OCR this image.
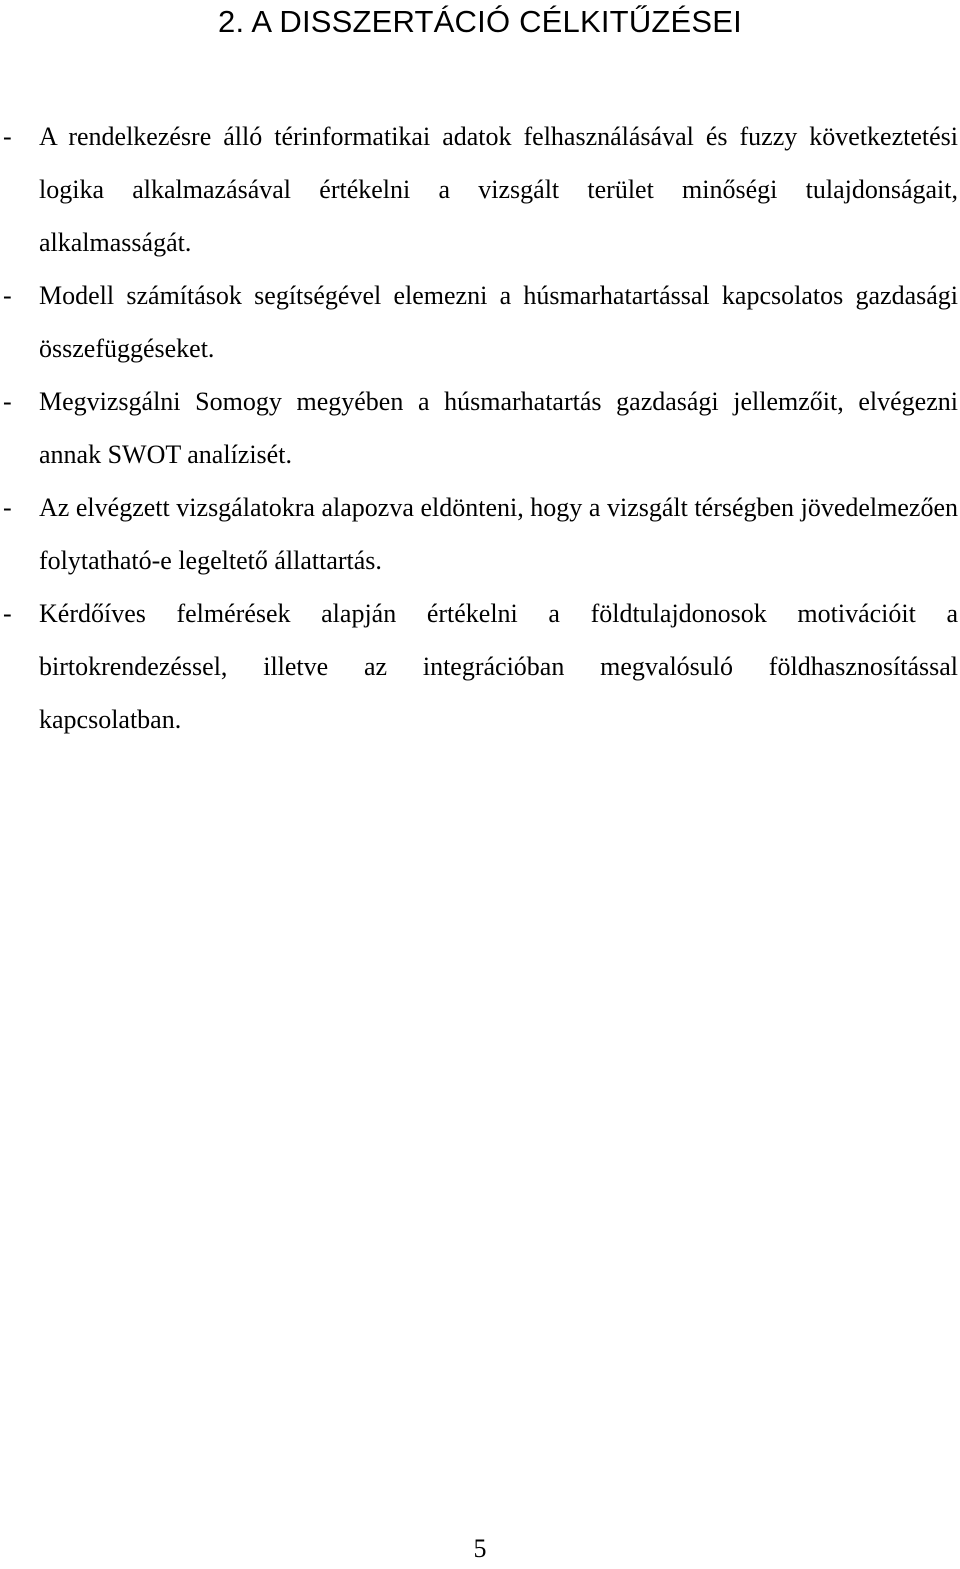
2. A DISSZERTÁCIÓ CÉLKITŰZÉSEI
- A rendelkezésre álló térinformatikai adatok felhasználásával és fuzzy következtetési logika alkalmazásával értékelni a vizsgált terület minőségi tulajdonságait, alkalmasságát.
- Modell számítások segítségével elemezni a húsmarhatartással kapcsolatos gazdasági összefüggéseket.
- Megvizsgálni Somogy megyében a húsmarhatartás gazdasági jellemzőit, elvégezni annak SWOT analízisét.
- Az elvégzett vizsgálatokra alapozva eldönteni, hogy a vizsgált térségben jövedelmezően folytatható-e legeltető állattartás.
- Kérdőíves felmérések alapján értékelni a földtulajdonosok motivációit a birtokrendezéssel, illetve az integrációban megvalósuló földhasznosítással kapcsolatban.
5
